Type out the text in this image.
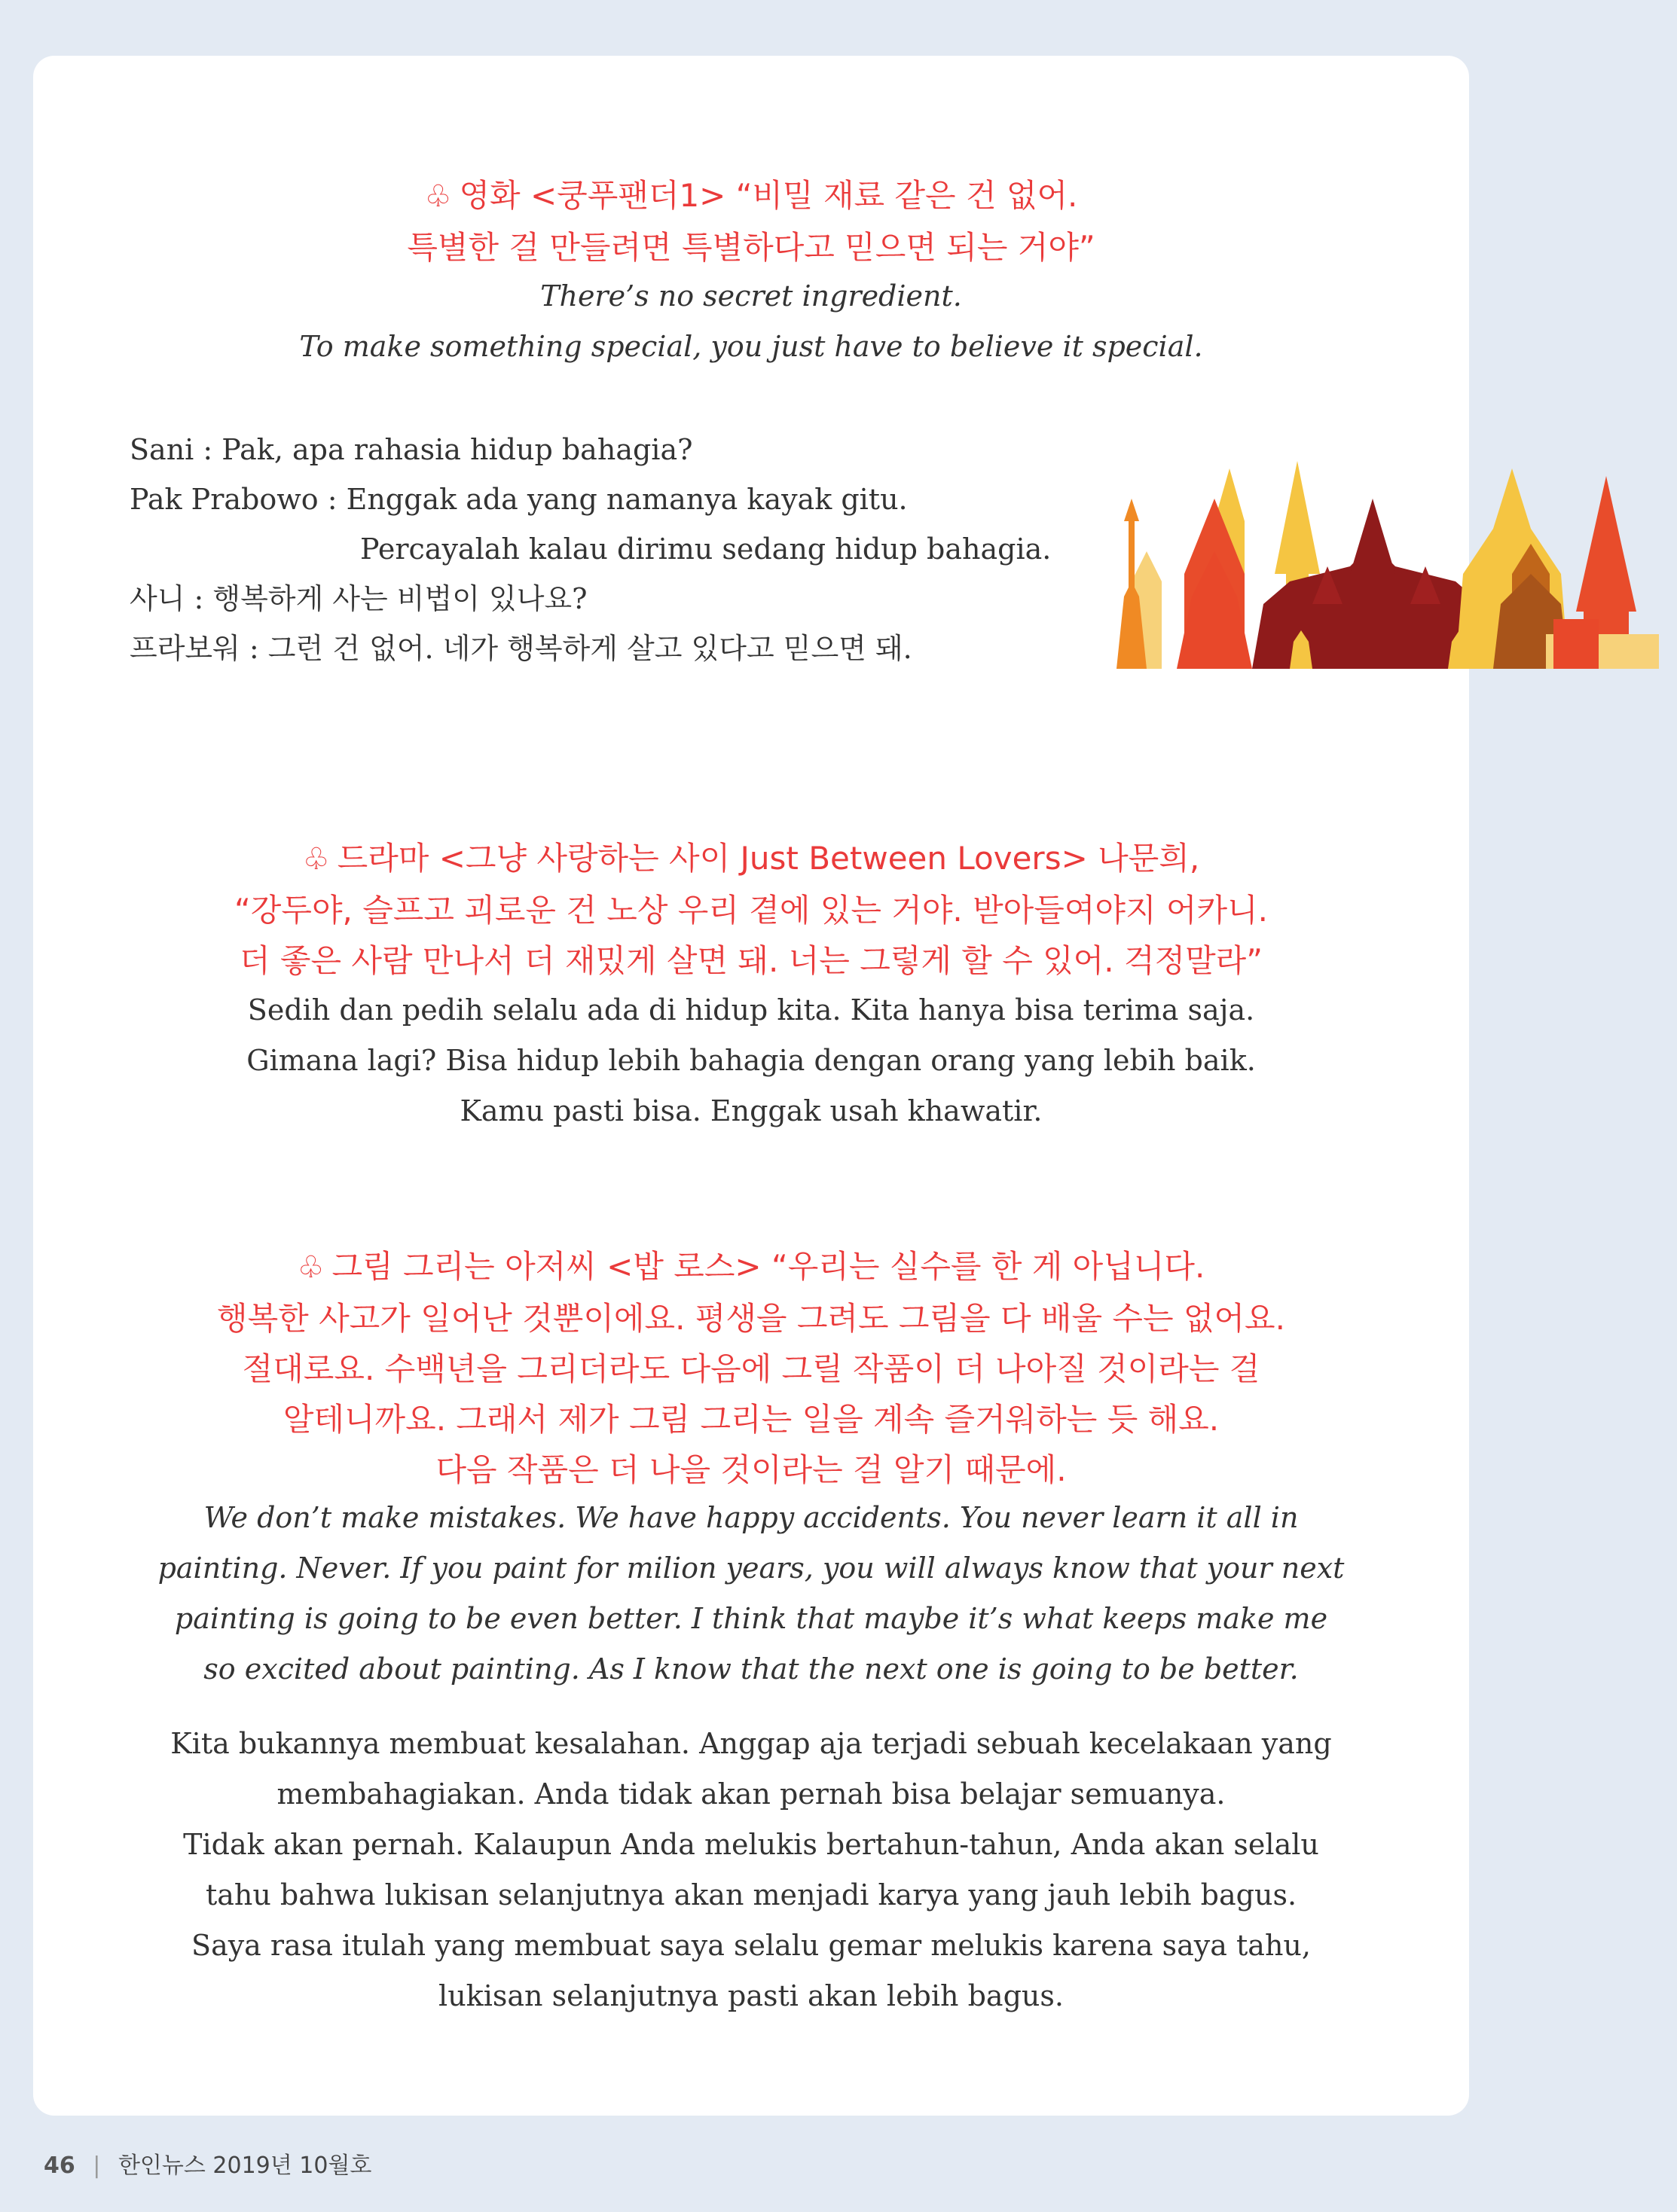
♧ 영화 <쿵푸팬더1> “비밀 재료 같은 건 없어.
특별한 걸 만들려면 특별하다고 믿으면 되는 거야”
There’s no secret ingredient.
To make something special, you just have to believe it special.
Sani : Pak, apa rahasia hidup bahagia?
Pak Prabowo : Enggak ada yang namanya kayak gitu.
Percayalah kalau dirimu sedang hidup bahagia.
사니 : 행복하게 사는 비법이 있나요?
프라보워 : 그런 건 없어. 네가 행복하게 살고 있다고 믿으면 돼.
♧ 드라마 <그냥 사랑하는 사이 Just Between Lovers> 나문희,
“강두야, 슬프고 괴로운 건 노상 우리 곁에 있는 거야. 받아들여야지 어카니.
더 좋은 사람 만나서 더 재밌게 살면 돼. 너는 그렇게 할 수 있어. 걱정말라”
Sedih dan pedih selalu ada di hidup kita. Kita hanya bisa terima saja.
Gimana lagi? Bisa hidup lebih bahagia dengan orang yang lebih baik.
Kamu pasti bisa. Enggak usah khawatir.
♧ 그림 그리는 아저씨 <밥 로스> “우리는 실수를 한 게 아닙니다.
행복한 사고가 일어난 것뿐이에요. 평생을 그려도 그림을 다 배울 수는 없어요.
절대로요. 수백년을 그리더라도 다음에 그릴 작품이 더 나아질 것이라는 걸
알테니까요. 그래서 제가 그림 그리는 일을 계속 즐거워하는 듯 해요.
다음 작품은 더 나을 것이라는 걸 알기 때문에.
We don’t make mistakes. We have happy accidents. You never learn it all in
painting. Never. If you paint for milion years, you will always know that your next
painting is going to be even better. I think that maybe it’s what keeps make me
so excited about painting. As I know that the next one is going to be better.
Kita bukannya membuat kesalahan. Anggap aja terjadi sebuah kecelakaan yang
membahagiakan. Anda tidak akan pernah bisa belajar semuanya.
Tidak akan pernah. Kalaupun Anda melukis bertahun-tahun, Anda akan selalu
tahu bahwa lukisan selanjutnya akan menjadi karya yang jauh lebih bagus.
Saya rasa itulah yang membuat saya selalu gemar melukis karena saya tahu,
lukisan selanjutnya pasti akan lebih bagus.
46 | 한인뉴스 2019년 10월호
